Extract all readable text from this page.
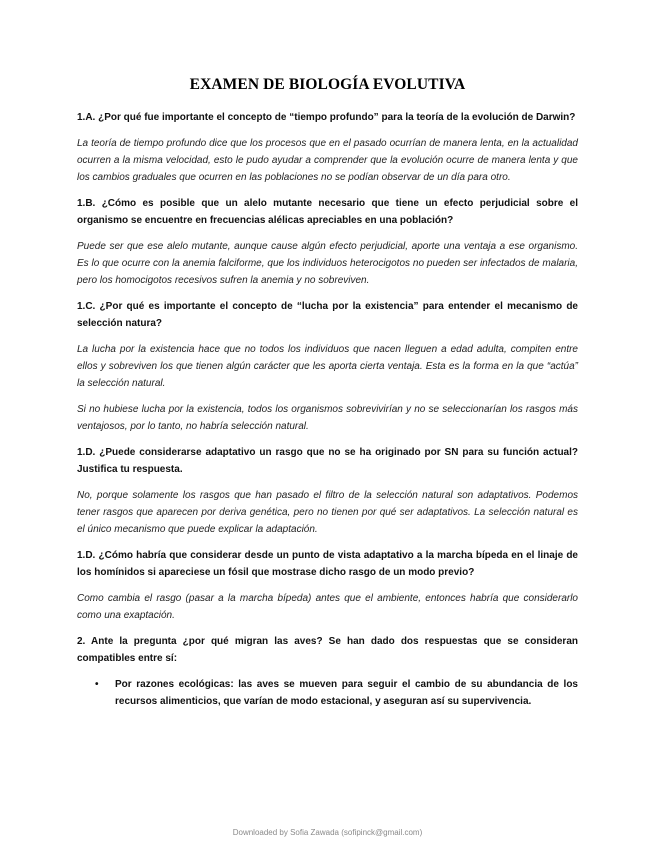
EXAMEN DE BIOLOGÍA EVOLUTIVA

1.A. ¿Por qué fue importante el concepto de “tiempo profundo” para la teoría de la evolución de Darwin?

La teoría de tiempo profundo dice que los procesos que en el pasado ocurrían de manera lenta, en la actualidad ocurren a la misma velocidad, esto le pudo ayudar a comprender que la evolución ocurre de manera lenta y que los cambios graduales que ocurren en las poblaciones no se podían observar de un día para otro.

1.B. ¿Cómo es posible que un alelo mutante necesario que tiene un efecto perjudicial sobre el organismo se encuentre en frecuencias alélicas apreciables en una población?

Puede ser que ese alelo mutante, aunque cause algún efecto perjudicial, aporte una ventaja a ese organismo. Es lo que ocurre con la anemia falciforme, que los individuos heterocigotos no pueden ser infectados de malaria, pero los homocigotos recesivos sufren la anemia y no sobreviven.

1.C. ¿Por qué es importante el concepto de “lucha por la existencia” para entender el mecanismo de selección natura?

La lucha por la existencia hace que no todos los individuos que nacen lleguen a edad adulta, compiten entre ellos y sobreviven los que tienen algún carácter que les aporta cierta ventaja. Esta es la forma en la que “actúa” la selección natural.

Si no hubiese lucha por la existencia, todos los organismos sobrevivirían y no se seleccionarían los rasgos más ventajosos, por lo tanto, no habría selección natural.

1.D. ¿Puede considerarse adaptativo un rasgo que no se ha originado por SN para su función actual? Justifica tu respuesta.

No, porque solamente los rasgos que han pasado el filtro de la selección natural son adaptativos. Podemos tener rasgos que aparecen por deriva genética, pero no tienen por qué ser adaptativos. La selección natural es el único mecanismo que puede explicar la adaptación.

1.D. ¿Cómo habría que considerar desde un punto de vista adaptativo a la marcha bípeda en el linaje de los homínidos si apareciese un fósil que mostrase dicho rasgo de un modo previo?

Como cambia el rasgo (pasar a la marcha bípeda) antes que el ambiente, entonces habría que considerarlo como una exaptación.

2. Ante la pregunta ¿por qué migran las aves? Se han dado dos respuestas que se consideran compatibles entre sí:

• Por razones ecológicas: las aves se mueven para seguir el cambio de su abundancia de los recursos alimenticios, que varían de modo estacional, y aseguran así su supervivencia.
Downloaded by Sofia Zawada (sofipinck@gmail.com)
